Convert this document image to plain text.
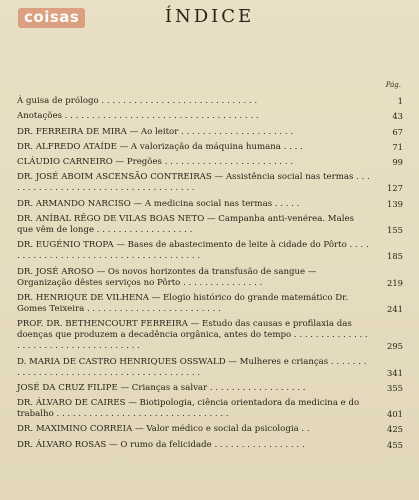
coisas	ÍNDICE
Pág.
À guisa de prólogo . . . . . . . . . . . . . . . . . . . . . . . . . . . . .	1
Anotações . . . . . . . . . . . . . . . . . . . . . . . . . . . . . . . . . . . .	43
DR. FERREIRA DE MIRA — Ao leitor . . . . . . . . . . . . . . . . . . . . .	67
DR. ALFREDO ATAÍDE — A valorização da máquina humana . . . .	71
CLÁUDIO CARNEIRO — Pregões . . . . . . . . . . . . . . . . . . . . . . . .	99
DR. JOSÉ ABOIM ASCENSÃO CONTREIRAS — Assistência social nas termas . . . . . . . . . . . . . . . . . . . . . . . . . . . . . . . . . . . .	127
DR. ARMANDO NARCISO — A medicina social nas termas . . . . .	139
DR. ANÍBAL RÊGO DE VILAS BOAS NETO — Campanha anti-venérea. Males que vêm de longe . . . . . . . . . . . . . . . . . .	155
DR. EUGÉNIO TROPA — Bases de abastecimento de leite à cidade do Pôrto . . . . . . . . . . . . . . . . . . . . . . . . . . . . . . . . . . . . . .	185
DR. JOSÉ AROSO — Os novos horizontes da transfusão de sangue — Organização dêstes serviços no Pôrto . . . . . . . . . . . . . . .	219
DR. HENRIQUE DE VILHENA — Elogio histórico do grande matemático Dr. Gomes Teixeira . . . . . . . . . . . . . . . . . . . . . . . . .	241
PROF. DR. BETHENCOURT FERREIRA — Estudo das causas e profilaxia das doenças que produzem a decadência orgânica, antes do tempo . . . . . . . . . . . . . . . . . . . . . . . . . . . . . . . . . . . . .	295
D. MARIA DE CASTRO HENRIQUES OSSWALD — Mulheres e crianças . . . . . . . . . . . . . . . . . . . . . . . . . . . . . . . . . . . . . . . . .	341
JOSÉ DA CRUZ FILIPE — Crianças a salvar . . . . . . . . . . . . . . . . . .	355
DR. ÁLVARO DE CAIRES — Biotipologia, ciência orientadora da medicina e do trabalho . . . . . . . . . . . . . . . . . . . . . . . . . . . . . . . .	401
DR. MAXIMINO CORREIA — Valor médico e social da psicologia . .	425
DR. ÁLVARO ROSAS — O rumo da felicidade . . . . . . . . . . . . . . . . .	455
